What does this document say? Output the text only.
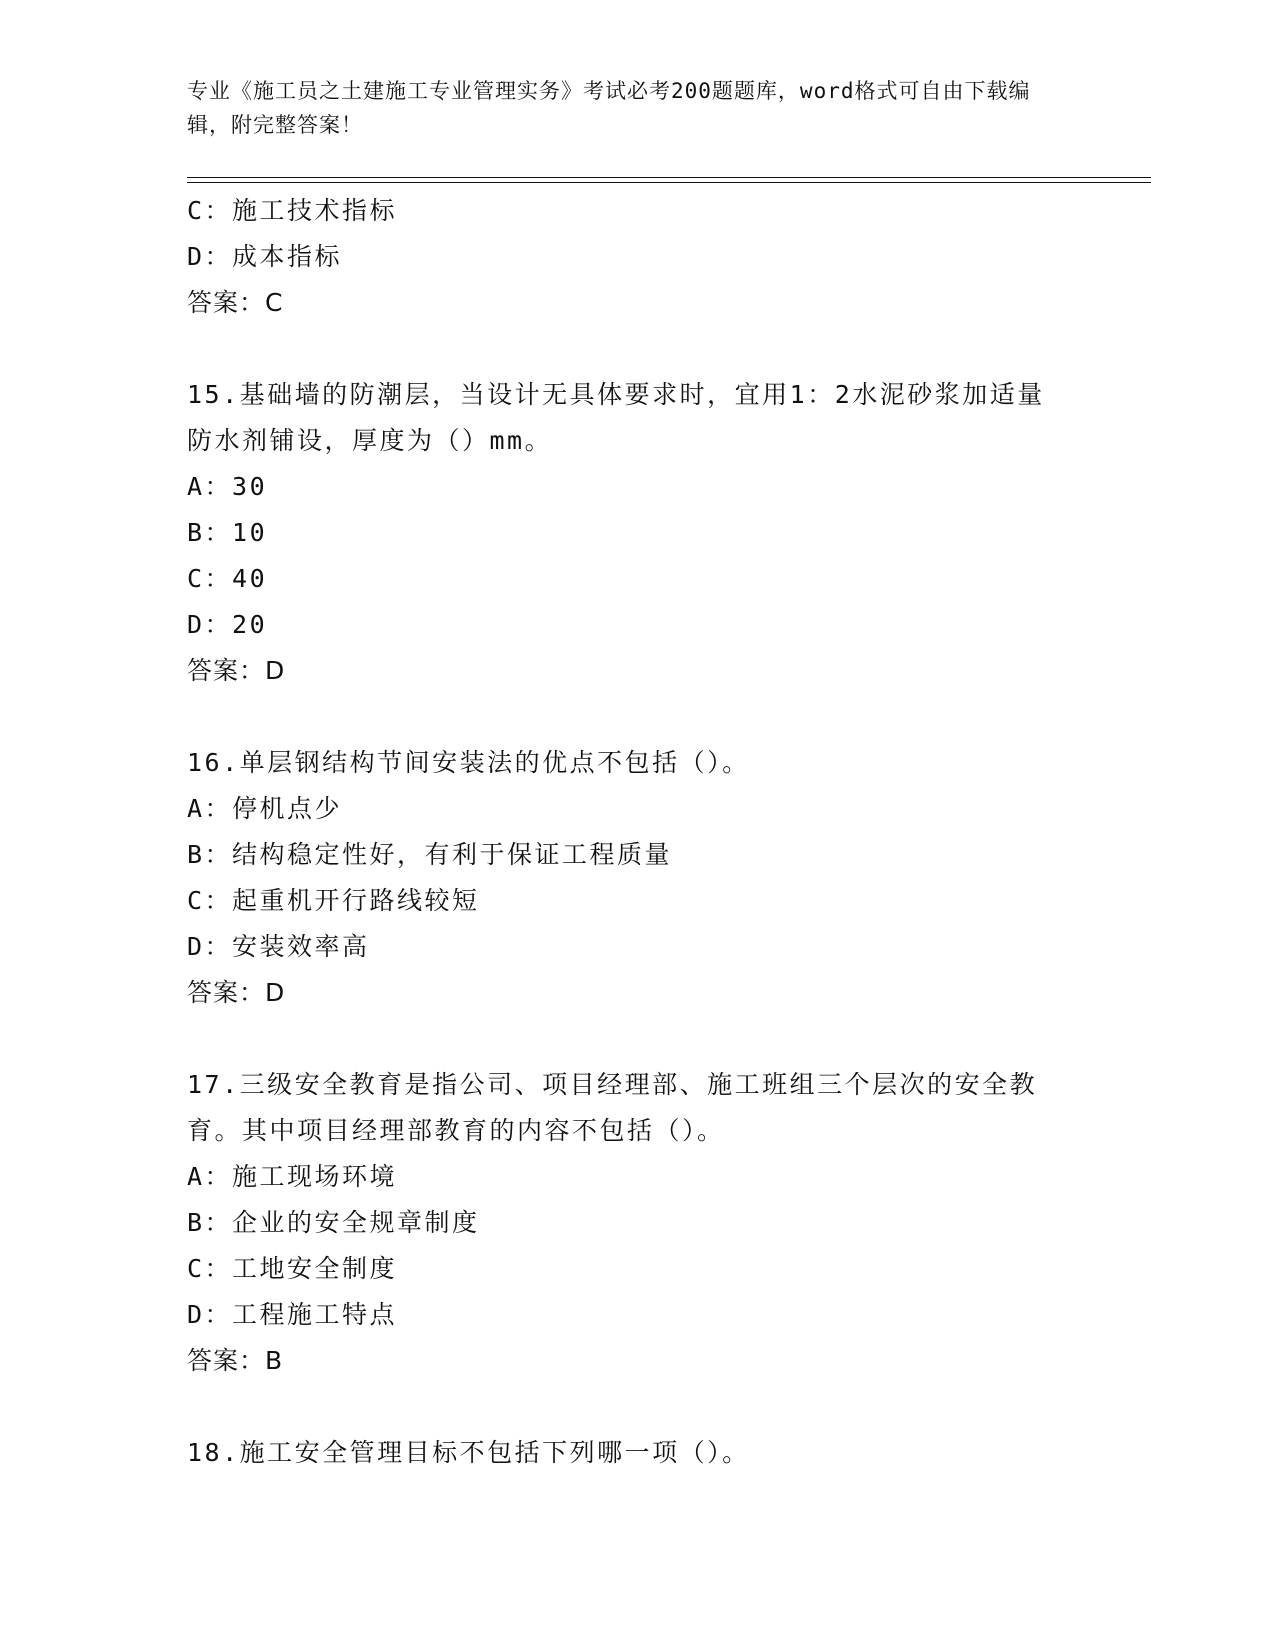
专业《施工员之土建施工专业管理实务》考试必考200题题库，word格式可自由下载编辑，附完整答案！
C：施工技术指标
D：成本指标
答案：C
15.基础墙的防潮层，当设计无具体要求时，宜用1：2水泥砂浆加适量防水剂铺设，厚度为（）mm。
A：30
B：10
C：40
D：20
答案：D
16.单层钢结构节间安装法的优点不包括（）。
A：停机点少
B：结构稳定性好，有利于保证工程质量
C：起重机开行路线较短
D：安装效率高
答案：D
17.三级安全教育是指公司、项目经理部、施工班组三个层次的安全教育。其中项目经理部教育的内容不包括（）。
A：施工现场环境
B：企业的安全规章制度
C：工地安全制度
D：工程施工特点
答案：B
18.施工安全管理目标不包括下列哪一项（）。
